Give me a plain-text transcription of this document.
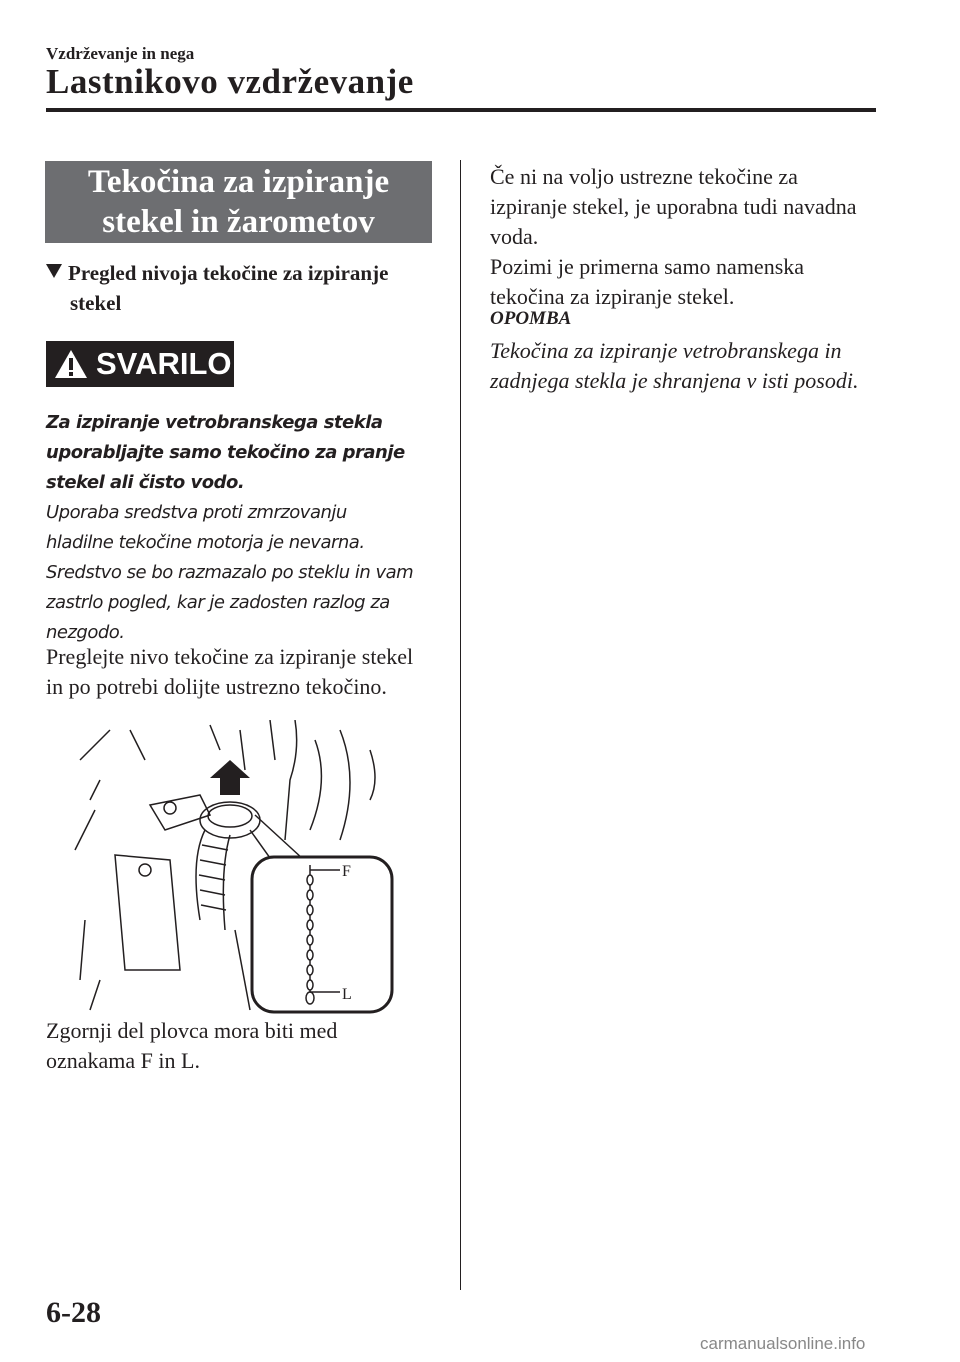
Vzdrževanje in nega
Lastnikovo vzdrževanje
Tekočina za izpiranje
stekel in žarometov
Pregled nivoja tekočine za izpiranje
stekel
SVARILO
Za izpiranje vetrobranskega stekla
uporabljajte samo tekočino za pranje
stekel ali čisto vodo.
Uporaba sredstva proti zmrzovanju
hladilne tekočine motorja je nevarna.
Sredstvo se bo razmazalo po steklu in vam
zastrlo pogled, kar je zadosten razlog za
nezgodo.
Preglejte nivo tekočine za izpiranje stekel
in po potrebi dolijte ustrezno tekočino.
F
L
Zgornji del plovca mora biti med
oznakama F in L.
Če ni na voljo ustrezne tekočine za
izpiranje stekel, je uporabna tudi navadna
voda.
Pozimi je primerna samo namenska
tekočina za izpiranje stekel.
OPOMBA
Tekočina za izpiranje vetrobranskega in
zadnjega stekla je shranjena v isti posodi.
6-28
carmanualsonline.info
